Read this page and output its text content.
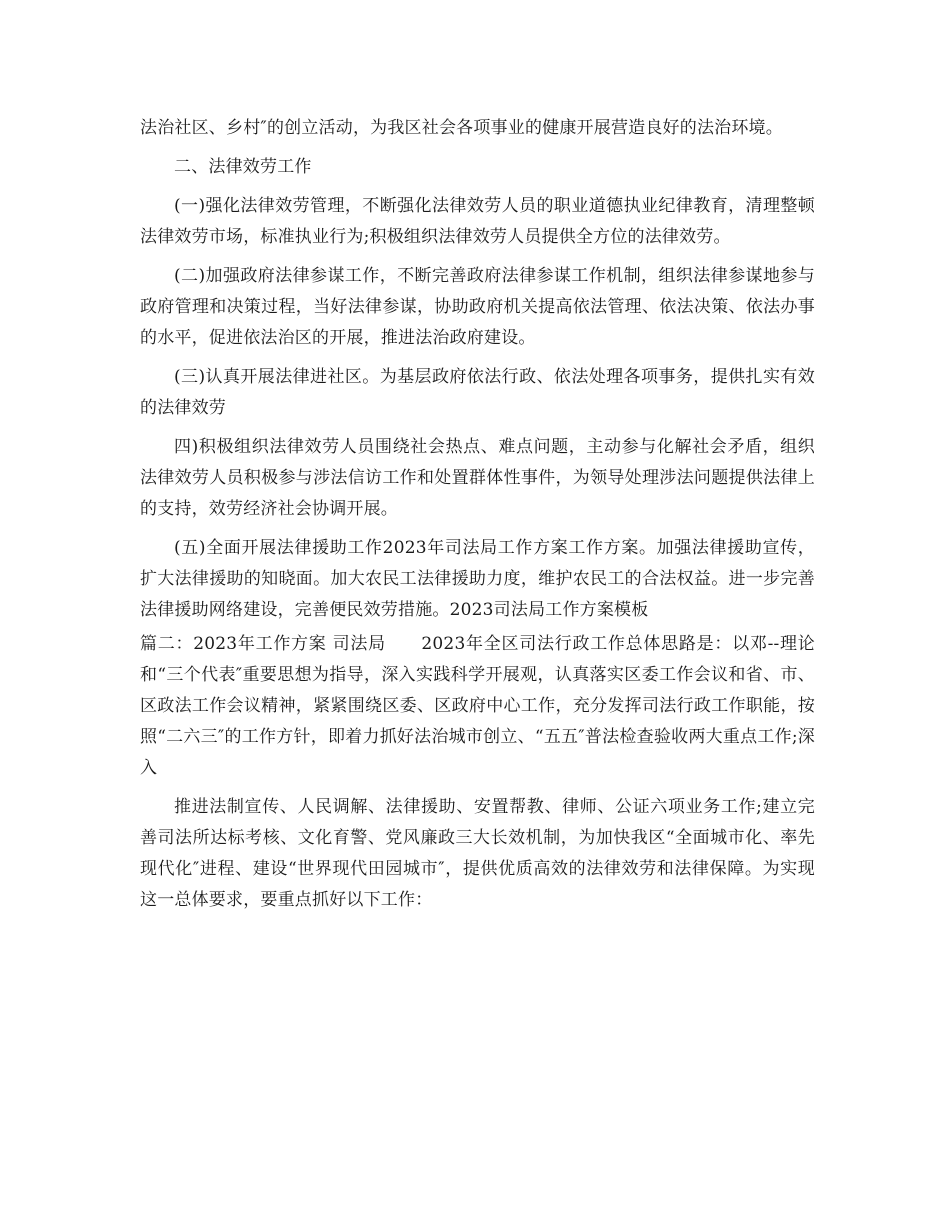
法治社区、乡村″的创立活动，为我区社会各项事业的健康开展营造良好的法治环境。

二、法律效劳工作

(一)强化法律效劳管理，不断强化法律效劳人员的职业道德执业纪律教育，清理整顿法律效劳市场，标准执业行为;积极组织法律效劳人员提供全方位的法律效劳。

(二)加强政府法律参谋工作，不断完善政府法律参谋工作机制，组织法律参谋地参与政府管理和决策过程，当好法律参谋，协助政府机关提高依法管理、依法决策、依法办事的水平，促进依法治区的开展，推进法治政府建设。

(三)认真开展法律进社区。为基层政府依法行政、依法处理各项事务，提供扎实有效的法律效劳

四)积极组织法律效劳人员围绕社会热点、难点问题，主动参与化解社会矛盾，组织法律效劳人员积极参与涉法信访工作和处置群体性事件，为领导处理涉法问题提供法律上的支持，效劳经济社会协调开展。

(五)全面开展法律援助工作2023年司法局工作方案工作方案。加强法律援助宣传，扩大法律援助的知晓面。加大农民工法律援助力度，维护农民工的合法权益。进一步完善法律援助网络建设，完善便民效劳措施。2023司法局工作方案模板

篇二：2023年工作方案 司法局　　2023年全区司法行政工作总体思路是：以邓--理论和“三个代表″重要思想为指导，深入实践科学开展观，认真落实区委工作会议和省、市、区政法工作会议精神，紧紧围绕区委、区政府中心工作，充分发挥司法行政工作职能，按照“二六三″的工作方针，即着力抓好法治城市创立、“五五″普法检查验收两大重点工作;深入

推进法制宣传、人民调解、法律援助、安置帮教、律师、公证六项业务工作;建立完善司法所达标考核、文化育警、党风廉政三大长效机制，为加快我区“全面城市化、率先现代化″进程、建设“世界现代田园城市″，提供优质高效的法律效劳和法律保障。为实现这一总体要求，要重点抓好以下工作：
